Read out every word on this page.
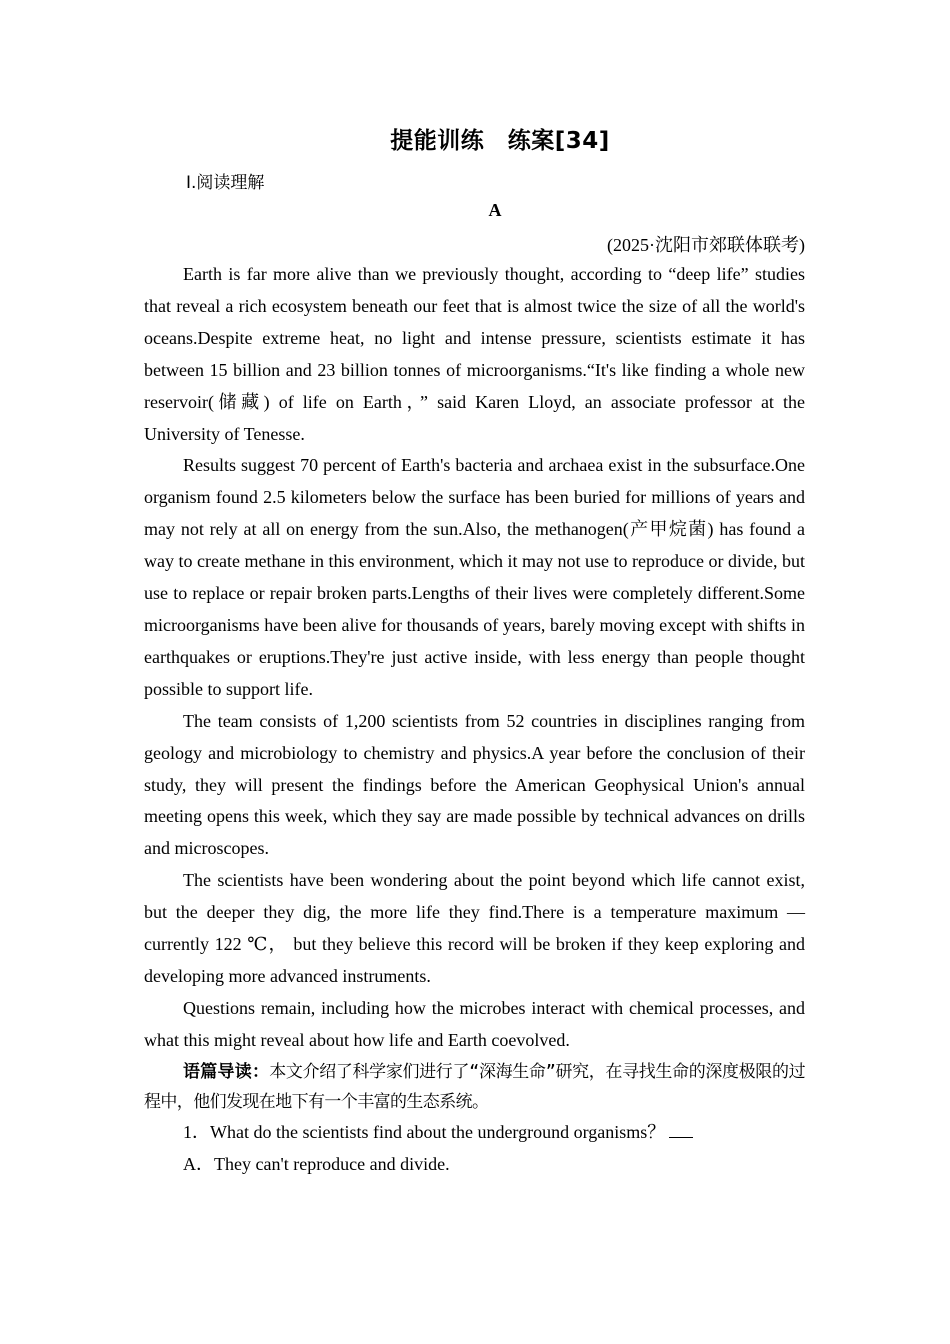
提能训练　练案[34]
Ⅰ.阅读理解
A
(2025·沈阳市郊联体联考)

Earth is far more alive than we previously thought, according to “deep life” studies that reveal a rich ecosystem beneath our feet that is almost twice the size of all the world's oceans.Despite extreme heat, no light and intense pressure, scientists estimate it has between 15 billion and 23 billion tonnes of microorganisms.“It's like finding a whole new reservoir(储藏) of life on Earth，” said Karen Lloyd, an associate professor at the University of Tenesse.

Results suggest 70 percent of Earth's bacteria and archaea exist in the subsurface.One organism found 2.5 kilometers below the surface has been buried for millions of years and may not rely at all on energy from the sun.Also, the methanogen(产甲烷菌) has found a way to create methane in this environment, which it may not use to reproduce or divide, but use to replace or repair broken parts.Lengths of their lives were completely different.Some microorganisms have been alive for thousands of years, barely moving except with shifts in earthquakes or eruptions.They're just active inside, with less energy than people thought possible to support life.

The team consists of 1,200 scientists from 52 countries in disciplines ranging from geology and microbiology to chemistry and physics.A year before the conclusion of their study, they will present the findings before the American Geophysical Union's annual meeting opens this week, which they say are made possible by technical advances on drills and microscopes.

The scientists have been wondering about the point beyond which life cannot exist, but the deeper they dig, the more life they find.There is a temperature maximum —currently 122 ℃， but they believe this record will be broken if they keep exploring and developing more advanced instruments.

Questions remain, including how the microbes interact with chemical processes, and what this might reveal about how life and Earth coevolved.

语篇导读：本文介绍了科学家们进行了“深海生命”研究，在寻找生命的深度极限的过程中，他们发现在地下有一个丰富的生态系统。

1．What do the scientists find about the underground organisms？

A．They can't reproduce and divide.
